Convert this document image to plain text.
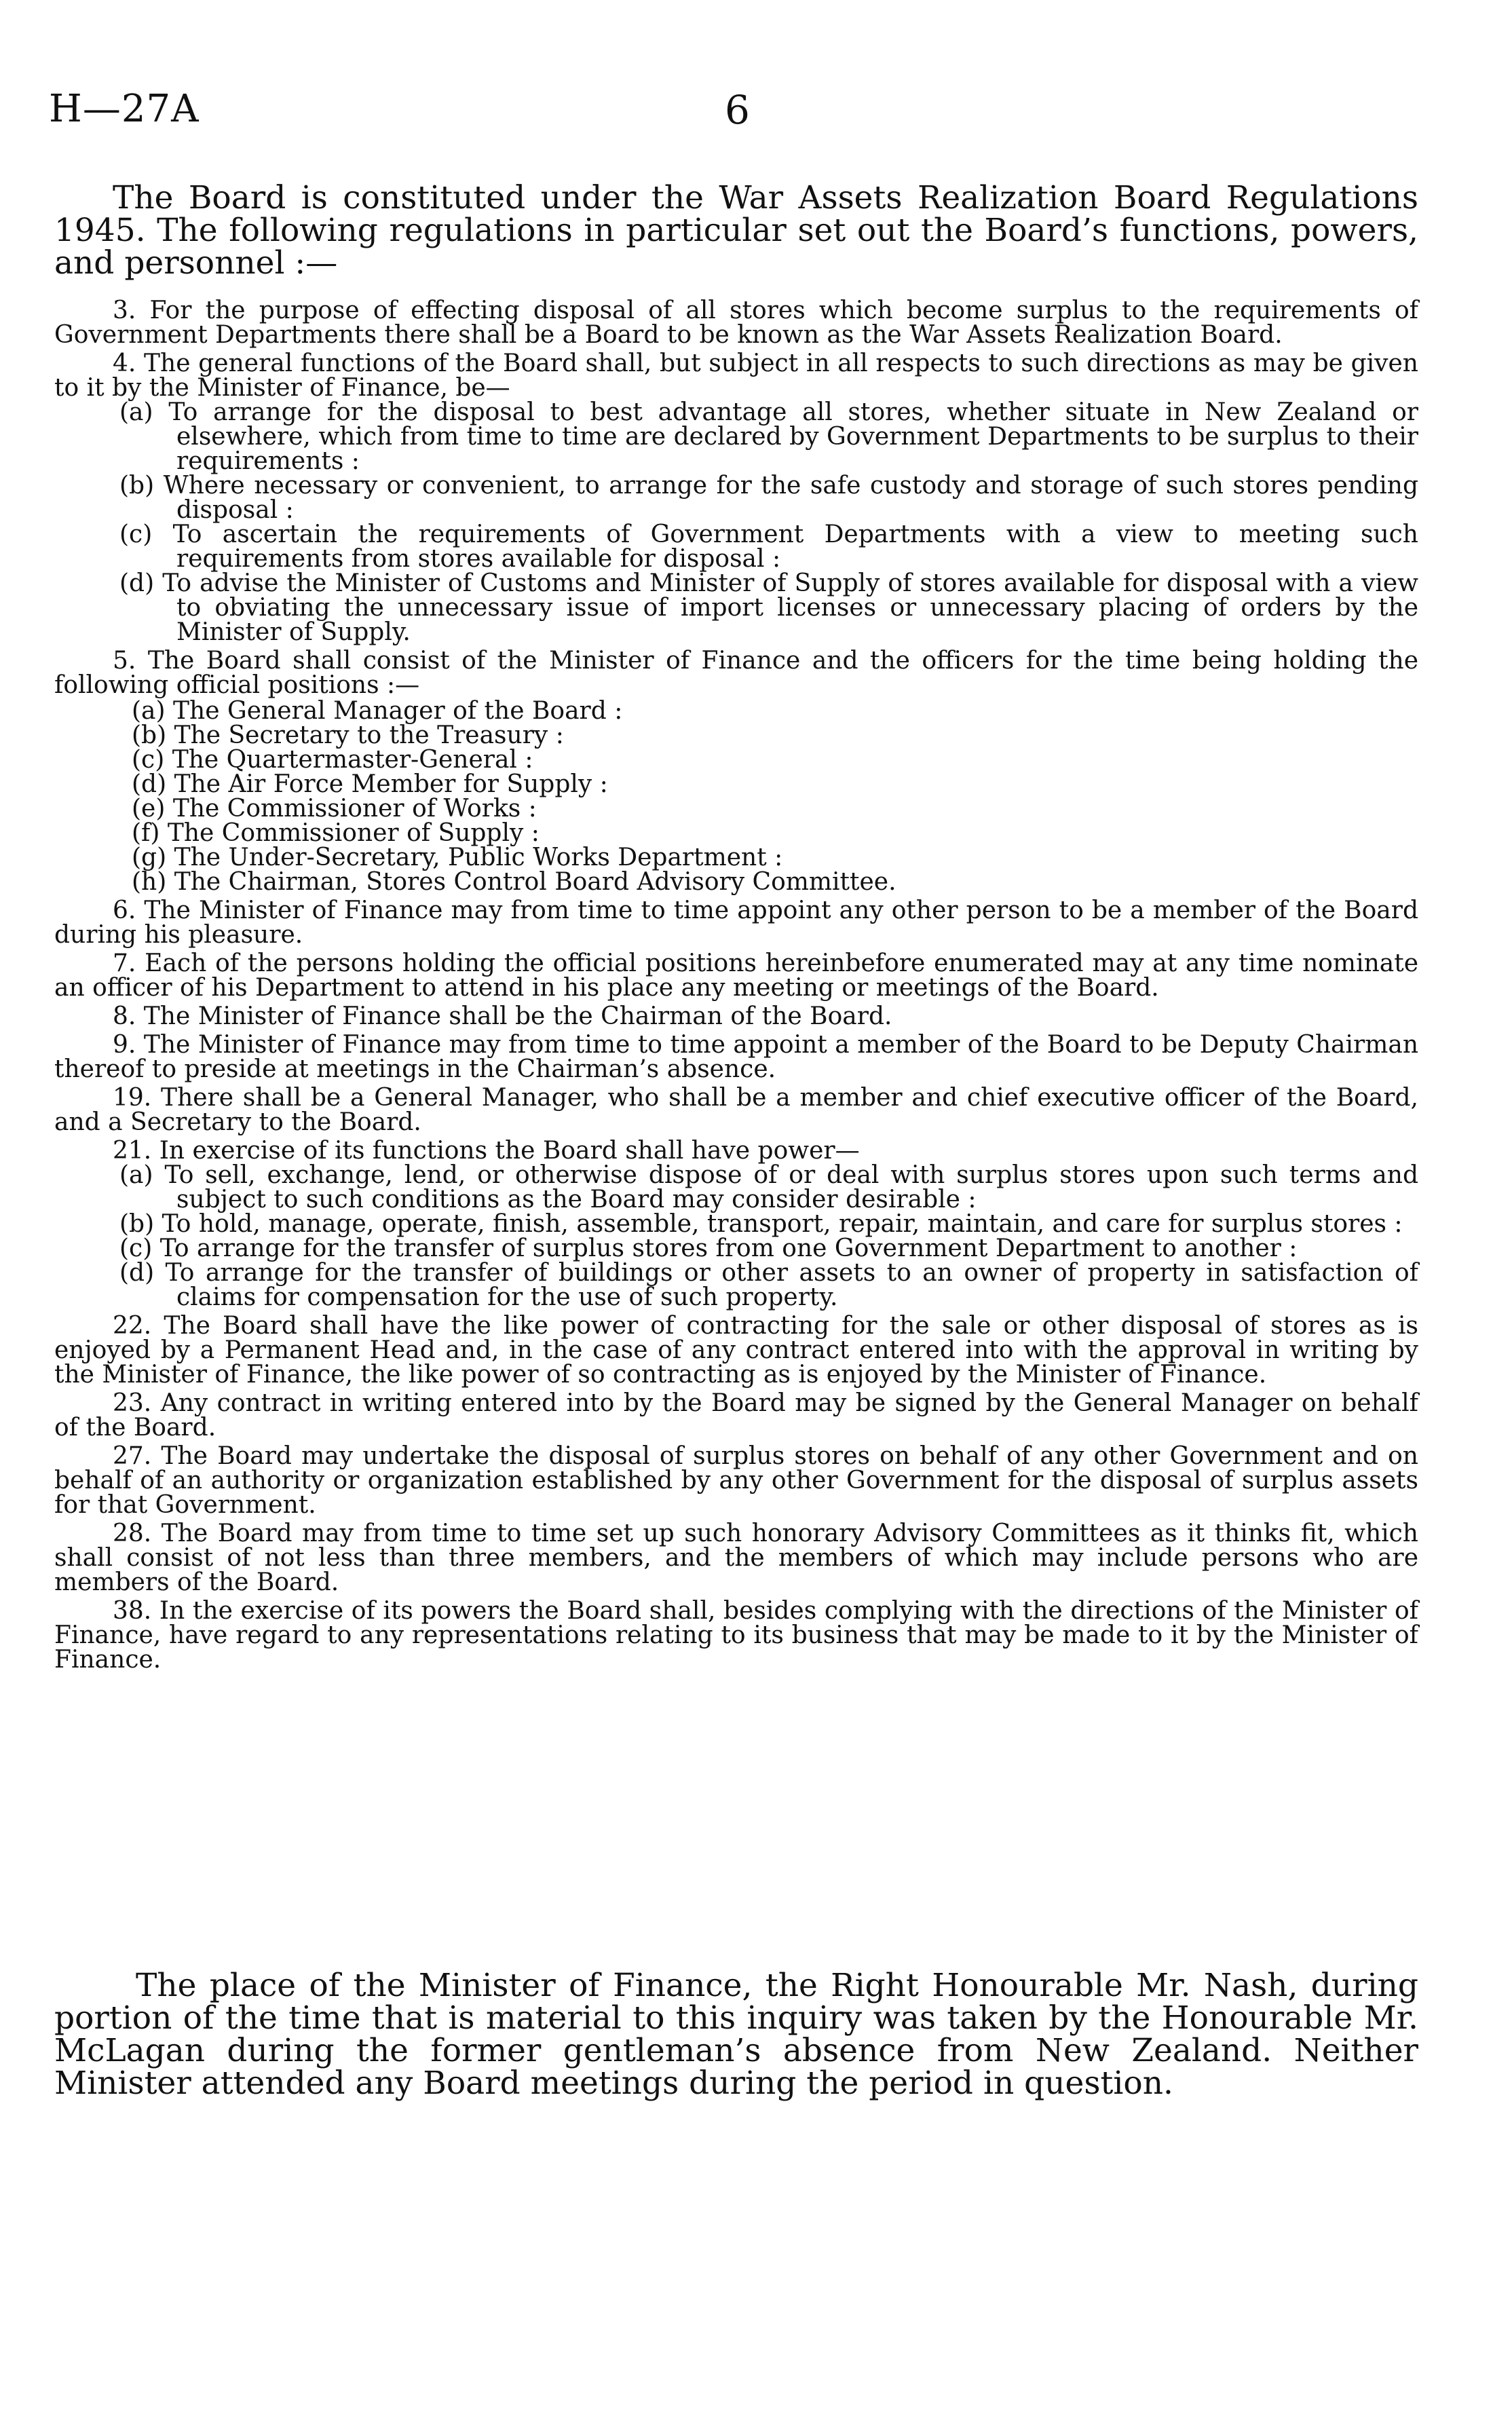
H—27A	6

The Board is constituted under the War Assets Realization Board Regulations 1945. The following regulations in particular set out the Board’s functions, powers, and personnel :—

3. For the purpose of effecting disposal of all stores which become surplus to the requirements of Government Departments there shall be a Board to be known as the War Assets Realization Board.

4. The general functions of the Board shall, but subject in all respects to such directions as may be given to it by the Minister of Finance, be—

(a) To arrange for the disposal to best advantage all stores, whether situate in New Zealand or elsewhere, which from time to time are declared by Government Departments to be surplus to their requirements :

(b) Where necessary or convenient, to arrange for the safe custody and storage of such stores pending disposal :

(c) To ascertain the requirements of Government Departments with a view to meeting such requirements from stores available for disposal :

(d) To advise the Minister of Customs and Minister of Supply of stores available for disposal with a view to obviating the unnecessary issue of import licenses or unnecessary placing of orders by the Minister of Supply.

5. The Board shall consist of the Minister of Finance and the officers for the time being holding the following official positions :—

(a) The General Manager of the Board :
(b) The Secretary to the Treasury :
(c) The Quartermaster-General :
(d) The Air Force Member for Supply :
(e) The Commissioner of Works :
(f) The Commissioner of Supply :
(g) The Under-Secretary, Public Works Department :
(h) The Chairman, Stores Control Board Advisory Committee.

6. The Minister of Finance may from time to time appoint any other person to be a member of the Board during his pleasure.

7. Each of the persons holding the official positions hereinbefore enumerated may at any time nominate an officer of his Department to attend in his place any meeting or meetings of the Board.

8. The Minister of Finance shall be the Chairman of the Board.

9. The Minister of Finance may from time to time appoint a member of the Board to be Deputy Chairman thereof to preside at meetings in the Chairman’s absence.

19. There shall be a General Manager, who shall be a member and chief executive officer of the Board, and a Secretary to the Board.

21. In exercise of its functions the Board shall have power—

(a) To sell, exchange, lend, or otherwise dispose of or deal with surplus stores upon such terms and subject to such conditions as the Board may consider desirable :

(b) To hold, manage, operate, finish, assemble, transport, repair, maintain, and care for surplus stores :

(c) To arrange for the transfer of surplus stores from one Government Department to another :

(d) To arrange for the transfer of buildings or other assets to an owner of property in satisfaction of claims for compensation for the use of such property.

22. The Board shall have the like power of contracting for the sale or other disposal of stores as is enjoyed by a Permanent Head and, in the case of any contract entered into with the approval in writing by the Minister of Finance, the like power of so contracting as is enjoyed by the Minister of Finance.

23. Any contract in writing entered into by the Board may be signed by the General Manager on behalf of the Board.

27. The Board may undertake the disposal of surplus stores on behalf of any other Government and on behalf of an authority or organization established by any other Government for the disposal of surplus assets for that Government.

28. The Board may from time to time set up such honorary Advisory Committees as it thinks fit, which shall consist of not less than three members, and the members of which may include persons who are members of the Board.

38. In the exercise of its powers the Board shall, besides complying with the directions of the Minister of Finance, have regard to any representations relating to its business that may be made to it by the Minister of Finance.

The place of the Minister of Finance, the Right Honourable Mr. Nash, during portion of the time that is material to this inquiry was taken by the Honourable Mr. McLagan during the former gentleman’s absence from New Zealand. Neither Minister attended any Board meetings during the period in question.
